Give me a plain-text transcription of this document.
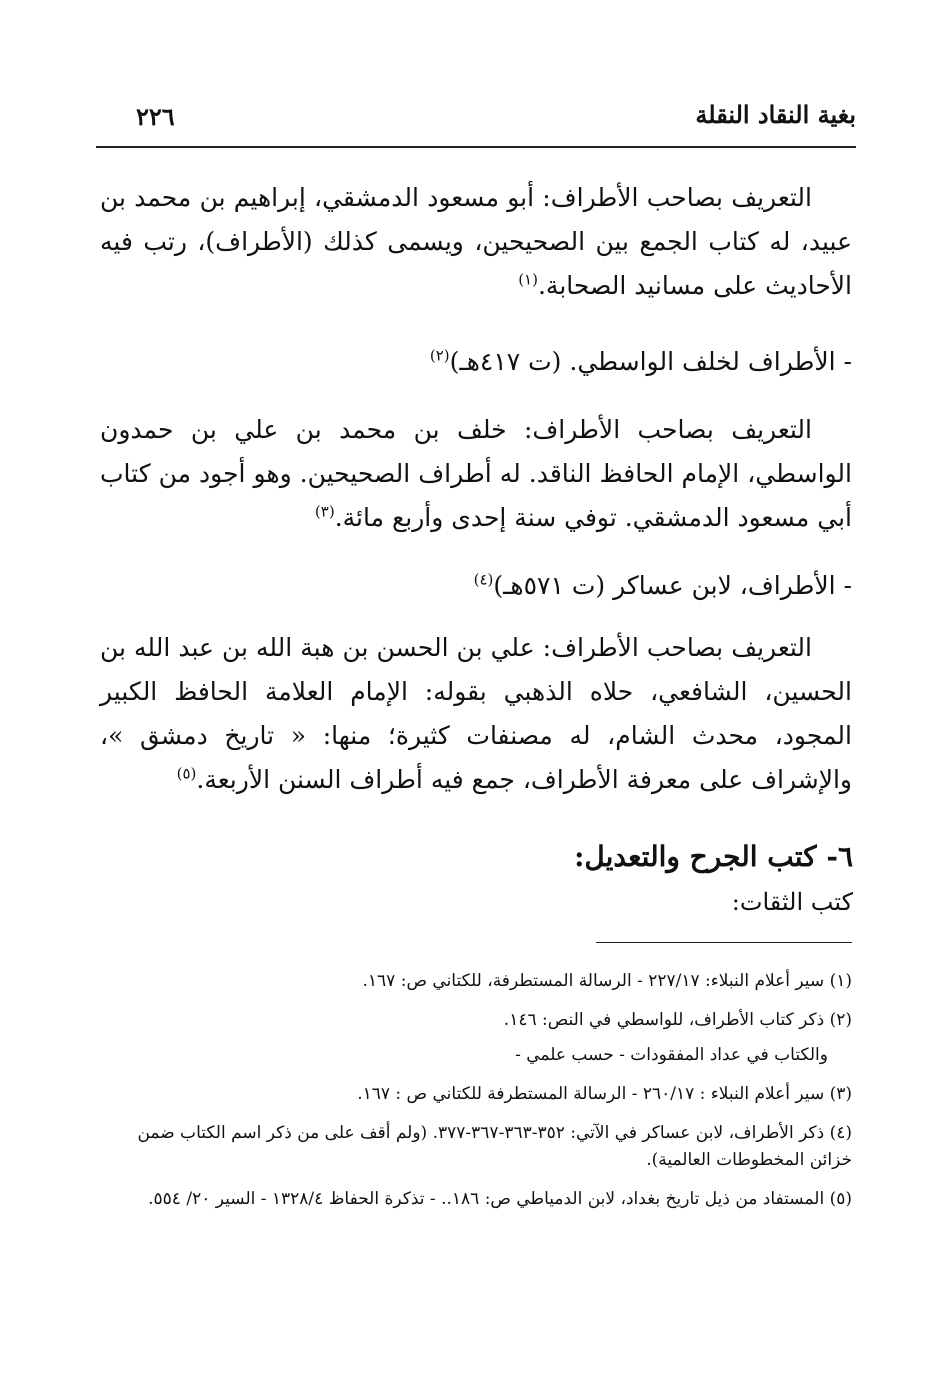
٢٢٦	بغية النقاد النقلة

التعريف بصاحب الأطراف: أبو مسعود الدمشقي، إبراهيم بن محمد بن عبيد، له كتاب الجمع بين الصحيحين، ويسمى كذلك (الأطراف)، رتب فيه الأحاديث على مسانيد الصحابة.$^{(١)}$

- الأطراف لخلف الواسطي. (ت ٤١٧هـ)$^{(٢)}$

التعريف بصاحب الأطراف: خلف بن محمد بن علي بن حمدون الواسطي، الإمام الحافظ الناقد. له أطراف الصحيحين. وهو أجود من كتاب أبي مسعود الدمشقي. توفي سنة إحدى وأربع مائة.$^{(٣)}$

- الأطراف، لابن عساكر (ت ٥٧١هـ)$^{(٤)}$

التعريف بصاحب الأطراف: علي بن الحسن بن هبة الله بن عبد الله بن الحسين، الشافعي، حلاه الذهبي بقوله: الإمام العلامة الحافظ الكبير المجود، محدث الشام، له مصنفات كثيرة؛ منها: « تاريخ دمشق »، والإشراف على معرفة الأطراف، جمع فيه أطراف السنن الأربعة.$^{(٥)}$

٦- كتب الجرح والتعديل:
كتب الثقات:

(١) سير أعلام النبلاء: ٢٢٧/١٧ - الرسالة المستطرفة، للكتاني ص: ١٦٧.

(٢) ذكر كتاب الأطراف، للواسطي في النص: ١٤٦.

والكتاب في عداد المفقودات - حسب علمي -

(٣) سير أعلام النبلاء : ٢٦٠/١٧ - الرسالة المستطرفة للكتاني ص : ١٦٧.

(٤) ذكر الأطراف، لابن عساكر في الآتي: ٣٥٢-٣٦٣-٣٦٧-٣٧٧. (ولم أقف على من ذكر اسم الكتاب ضمن خزائن المخطوطات العالمية).

(٥) المستفاد من ذيل تاريخ بغداد، لابن الدمياطي ص: ١٨٦.. - تذكرة الحفاظ ١٣٢٨/٤ - السير ٢٠/ ٥٥٤.
